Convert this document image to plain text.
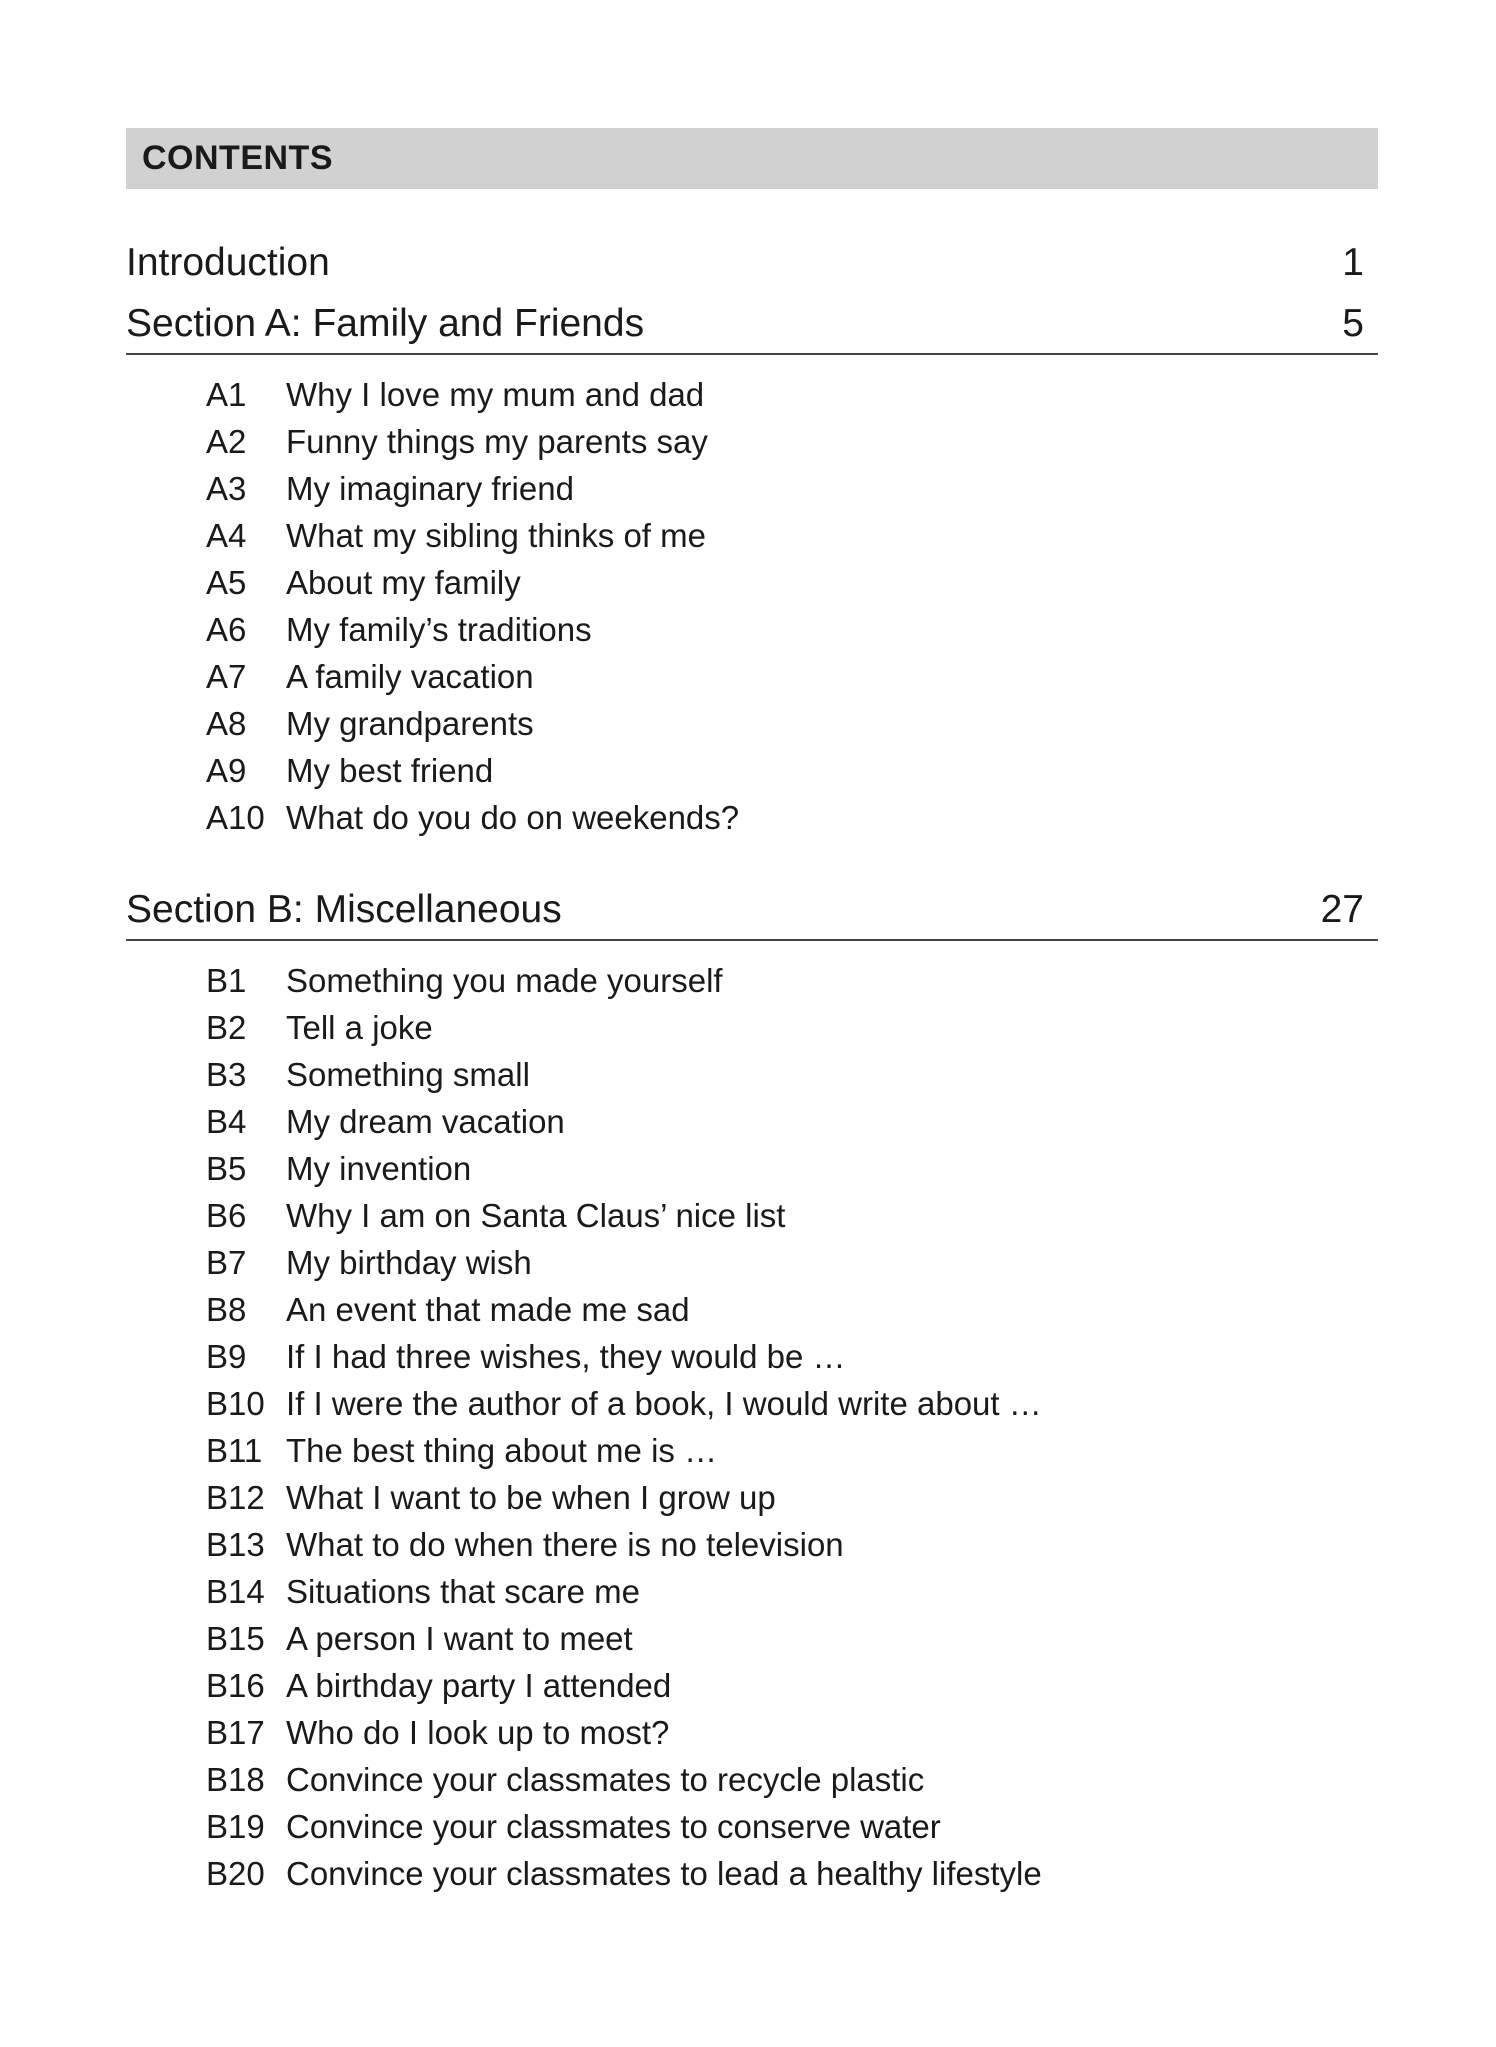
CONTENTS
Introduction	1
Section A: Family and Friends	5
A1	Why I love my mum and dad
A2	Funny things my parents say
A3	My imaginary friend
A4	What my sibling thinks of me
A5	About my family
A6	My family’s traditions
A7	A family vacation
A8	My grandparents
A9	My best friend
A10 What do you do on weekends?
Section B: Miscellaneous	27
B1	Something you made yourself
B2	Tell a joke
B3	Something small
B4	My dream vacation
B5	My invention
B6	Why I am on Santa Claus’ nice list
B7	My birthday wish
B8	An event that made me sad
B9	If I had three wishes, they would be …
B10 If I were the author of a book, I would write about …
B11 The best thing about me is …
B12 What I want to be when I grow up
B13 What to do when there is no television
B14 Situations that scare me
B15 A person I want to meet
B16 A birthday party I attended
B17 Who do I look up to most?
B18 Convince your classmates to recycle plastic
B19 Convince your classmates to conserve water
B20 Convince your classmates to lead a healthy lifestyle
